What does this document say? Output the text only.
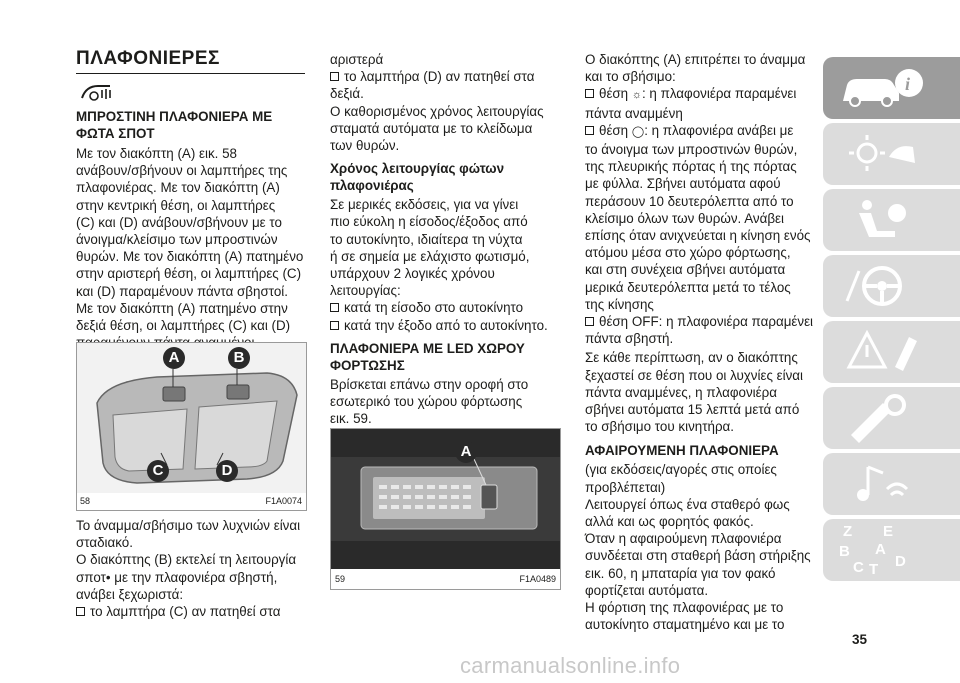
ΠΛΑΦΟΝΙΕΡΕΣ

ΜΠΡΟΣΤΙΝΗ ΠΛΑΦΟΝΙΕΡΑ ΜΕ ΦΩΤΑ ΣΠΟΤ

Με τον διακόπτη (A) εικ. 58

ανάβουν/σβήνουν οι λαμπτήρες της

πλαφονιέρας. Με τον διακόπτη (A)

στην κεντρική θέση, οι λαμπτήρες

(C) και (D) ανάβουν/σβήνουν με το

άνοιγμα/κλείσιμο των μπροστινών

θυρών. Με τον διακόπτη (A) πατημένο

στην αριστερή θέση, οι λαμπτήρες (C)

και (D) παραμένουν πάντα σβηστοί.

Με τον διακόπτη (A) πατημένο στην

δεξιά θέση, οι λαμπτήρες (C) και (D)

A	B
C	D
58	F1A0074

Το άναμμα/σβήσιμο των λυχνιών είναι

σταδιακό.

Ο διακόπτης (B) εκτελεί τη λειτουργία

σποτ• με την πλαφονιέρα σβηστή,

ανάβει ξεχωριστά:

το λαμπτήρα (C) αν πατηθεί στα

αριστερά

το λαμπτήρα (D) αν πατηθεί στα

δεξιά.

Ο καθορισμένος χρόνος λειτουργίας

σταματά αυτόματα με το κλείδωμα

των θυρών.

Χρόνος λειτουργίας φώτων πλαφονιέρας

Σε μερικές εκδόσεις, για να γίνει

πιο εύκολη η είσοδος/έξοδος από

το αυτοκίνητο, ιδιαίτερα τη νύχτα

ή σε σημεία με ελάχιστο φωτισμό,

υπάρχουν 2 λογικές χρόνου

λειτουργίας:

κατά τη είσοδο στο αυτοκίνητο

κατά την έξοδο από το αυτοκίνητο.

ΠΛΑΦΟΝΙΕΡΑ ΜΕ LED ΧΩΡΟΥ ΦΟΡΤΩΣΗΣ

Βρίσκεται επάνω στην οροφή στο

εσωτερικό του χώρου φόρτωσης

εικ. 59.

A
59	F1A0489

Ο διακόπτης (A) επιτρέπει το άναμμα

και το σβήσιμο:

θέση ☼: η πλαφονιέρα παραμένει

πάντα αναμμένη

θέση ◯: η πλαφονιέρα ανάβει με

το άνοιγμα των μπροστινών θυρών,

της πλευρικής πόρτας ή της πόρτας

με φύλλα. Σβήνει αυτόματα αφού

περάσουν 10 δευτερόλεπτα από το

κλείσιμο όλων των θυρών. Ανάβει

επίσης όταν ανιχνεύεται η κίνηση ενός

ατόμου μέσα στο χώρο φόρτωσης,

και στη συνέχεια σβήνει αυτόματα

μερικά δευτερόλεπτα μετά το τέλος

της κίνησης

θέση OFF: η πλαφονιέρα παραμένει

πάντα σβηστή.

Σε κάθε περίπτωση, αν ο διακόπτης

ξεχαστεί σε θέση που οι λυχνίες είναι

πάντα αναμμένες, η πλαφονιέρα

σβήνει αυτόματα 15 λεπτά μετά από

το σβήσιμο του κινητήρα.

ΑΦΑΙΡΟΥΜΕΝΗ ΠΛΑΦΟΝΙΕΡΑ

(για εκδόσεις/αγορές στις οποίες

προβλέπεται)

Λειτουργεί όπως ένα σταθερό φως

αλλά και ως φορητός φακός.

Όταν η αφαιρούμενη πλαφονιέρα

συνδέεται στη σταθερή βάση στήριξης

εικ. 60, η μπαταρία για τον φακό

φορτίζεται αυτόματα.

Η φόρτιση της πλαφονιέρας με το

αυτοκίνητο σταματημένο και με το

i
Z E
B A
C D
T
35
carmanualsonline.info
